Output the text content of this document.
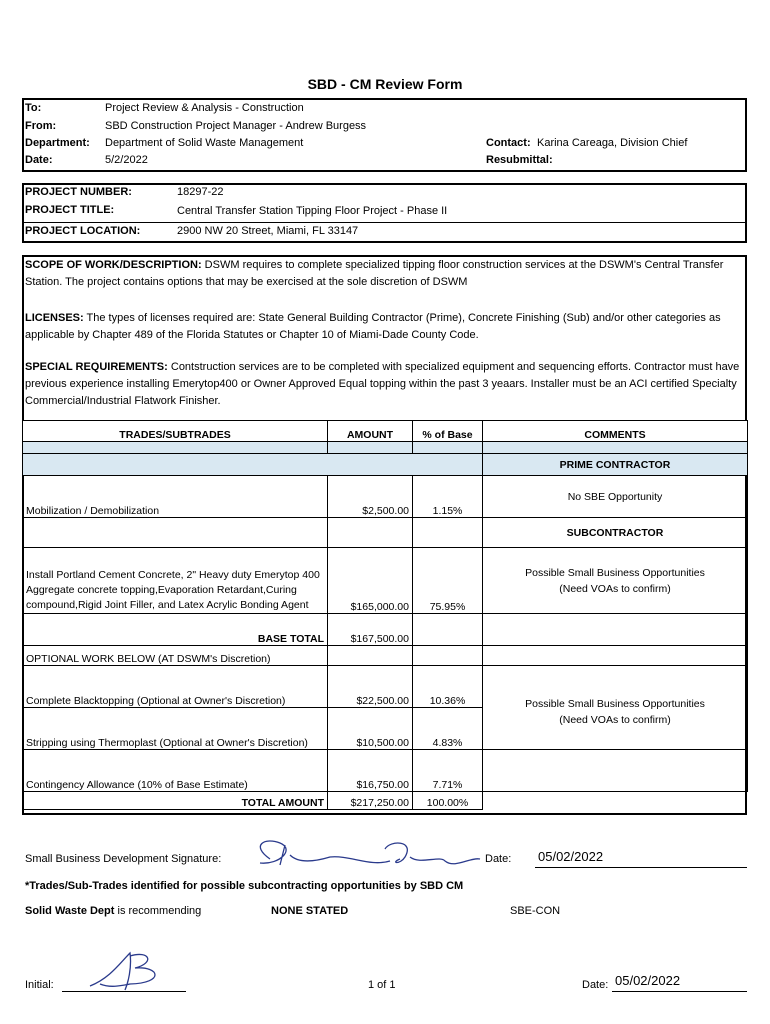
SBD - CM Review Form
To:	Project Review & Analysis - Construction
From:	SBD Construction Project Manager - Andrew Burgess
Department: Department of Solid Waste Management
Date:	5/2/2022
Contact: Karina Careaga, Division Chief
Resubmittal:
PROJECT NUMBER:	18297-22
PROJECT TITLE:	Central Transfer Station Tipping Floor Project - Phase II
PROJECT LOCATION:	2900 NW 20 Street, Miami, FL 33147
SCOPE OF WORK/DESCRIPTION: DSWM requires to complete specialized tipping floor construction services at the DSWM's Central Transfer Station. The project contains options that may be exercised at the sole discretion of DSWM
LICENSES: The types of licenses required are: State General Building Contractor (Prime), Concrete Finishing (Sub) and/or other categories as applicable by Chapter 489 of the Florida Statutes or Chapter 10 of Miami-Dade County Code.
SPECIAL REQUIREMENTS: Contstruction services are to be completed with specialized equipment and sequencing efforts. Contractor must have previous experience installing Emerytop400 or Owner Approved Equal topping within the past 3 yeaars. Installer must be an ACI certified Specialty Commercial/Industrial Flatwork Finisher.
TRADES/SUBTRADES	AMOUNT	% of Base	COMMENTS

			PRIME CONTRACTOR
Mobilization / Demobilization	$2,500.00	1.15%	No SBE Opportunity
			SUBCONTRACTOR
Install Portland Cement Concrete, 2" Heavy duty Emerytop 400 Aggregate concrete topping,Evaporation Retardant,Curing compound,Rigid Joint Filler, and Latex Acrylic Bonding Agent	$165,000.00	75.95%	Possible Small Business Opportunities
(Need VOAs to confirm)

BASE TOTAL	$167,500.00		
OPTIONAL WORK BELOW (AT DSWM's Discretion)			
Complete Blacktopping (Optional at Owner's Discretion)	$22,500.00	10.36%	Possible Small Business Opportunities
(Need VOAs to confirm)

Stripping using Thermoplast (Optional at Owner's Discretion)	$10,500.00	4.83%	
Contingency Allowance (10% of Base Estimate)	$16,750.00	7.71%	
TOTAL AMOUNT	$217,250.00	100.00%	
Small Business Development Signature:	Date: 05/02/2022
*Trades/Sub-Trades identified for possible subcontracting opportunities by SBD CM
Solid Waste Dept is recommending	NONE STATED	SBE-CON
Initial:	1 of 1	Date: 05/02/2022
